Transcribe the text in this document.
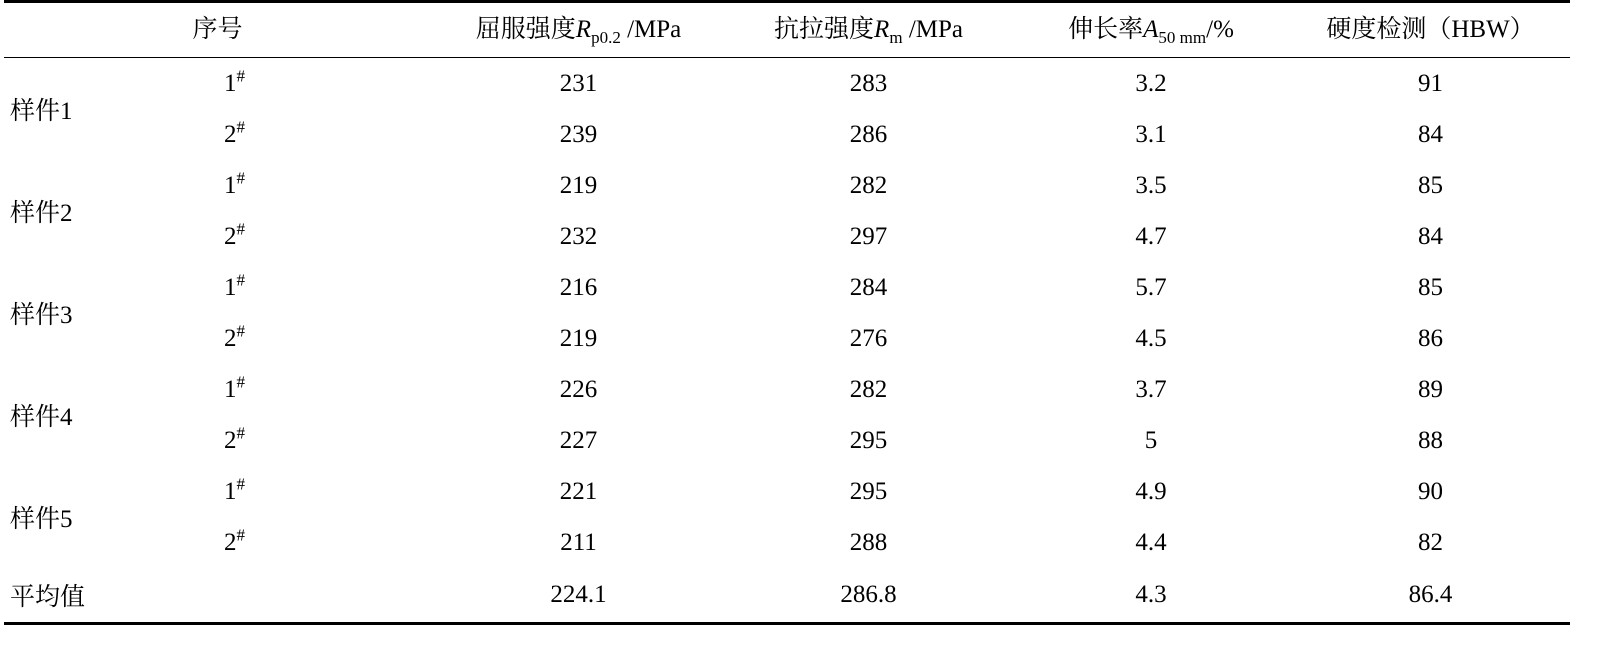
序号		屈服强度$R_{p0.2}$ /MPa	抗拉强度$R_m$ /MPa	伸长率$A_{50 mm}/\%$	硬度检测（HBW）
样件1	1#	231	283	3.2	91
	2#	239	286	3.1	84
样件2	1#	219	282	3.5	85
	2#	232	297	4.7	84
样件3	1#	216	284	5.7	85
	2#	219	276	4.5	86
样件4	1#	226	282	3.7	89
	2#	227	295	5	88
样件5	1#	221	295	4.9	90
	2#	211	288	4.4	82
平均值		224.1	286.8	4.3	86.4
